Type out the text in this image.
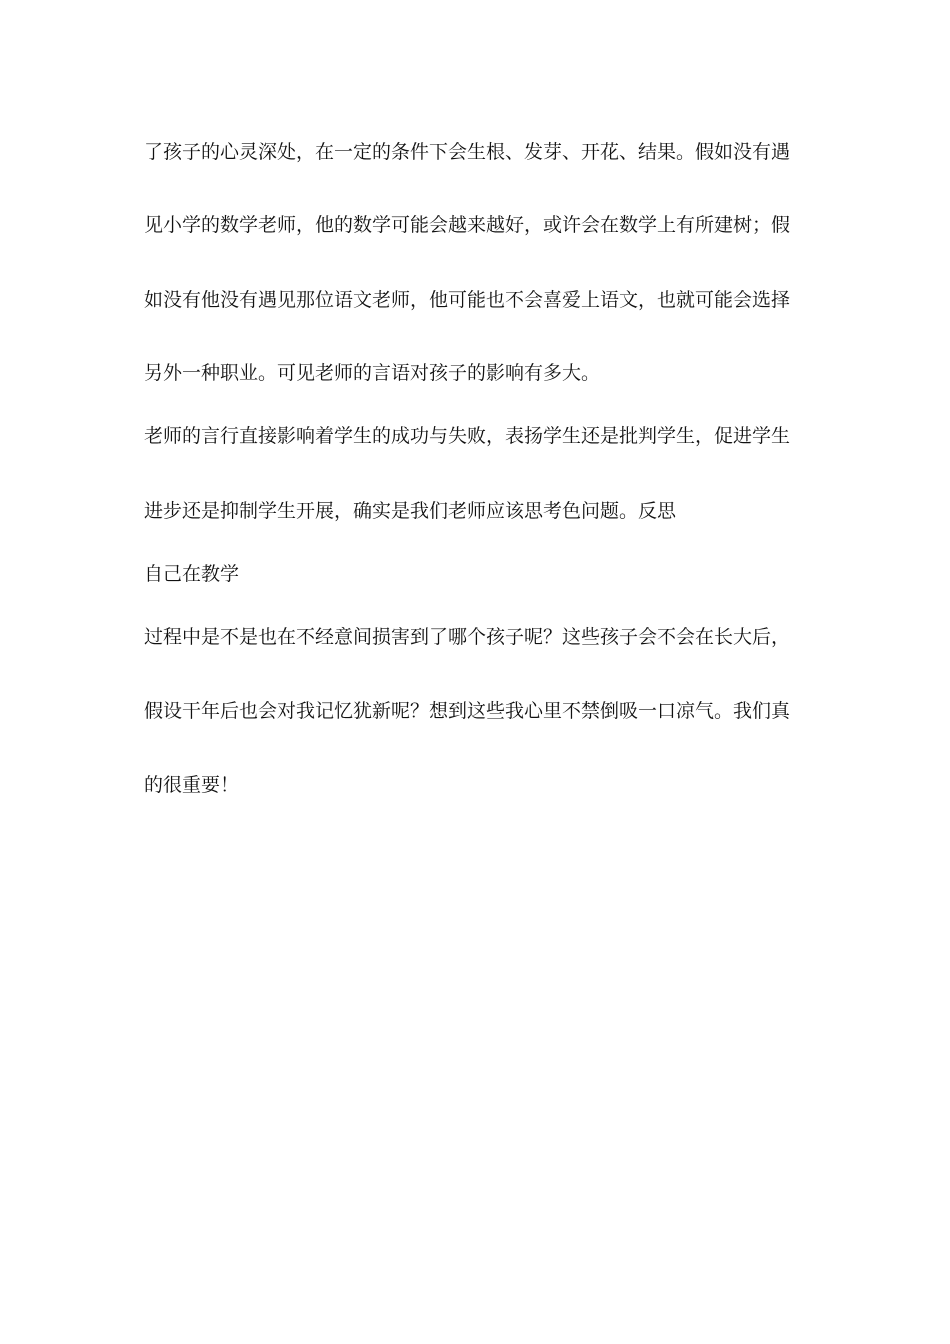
了孩子的心灵深处，在一定的条件下会生根、发芽、开花、结果。假如没有遇
见小学的数学老师，他的数学可能会越来越好，或许会在数学上有所建树；假
如没有他没有遇见那位语文老师，他可能也不会喜爱上语文，也就可能会选择
另外一种职业。可见老师的言语对孩子的影响有多大。
老师的言行直接影响着学生的成功与失败，表扬学生还是批判学生，促进学生
进步还是抑制学生开展，确实是我们老师应该思考色问题。反思
自己在教学
过程中是不是也在不经意间损害到了哪个孩子呢？这些孩子会不会在长大后，
假设干年后也会对我记忆犹新呢？想到这些我心里不禁倒吸一口凉气。我们真
的很重要！
